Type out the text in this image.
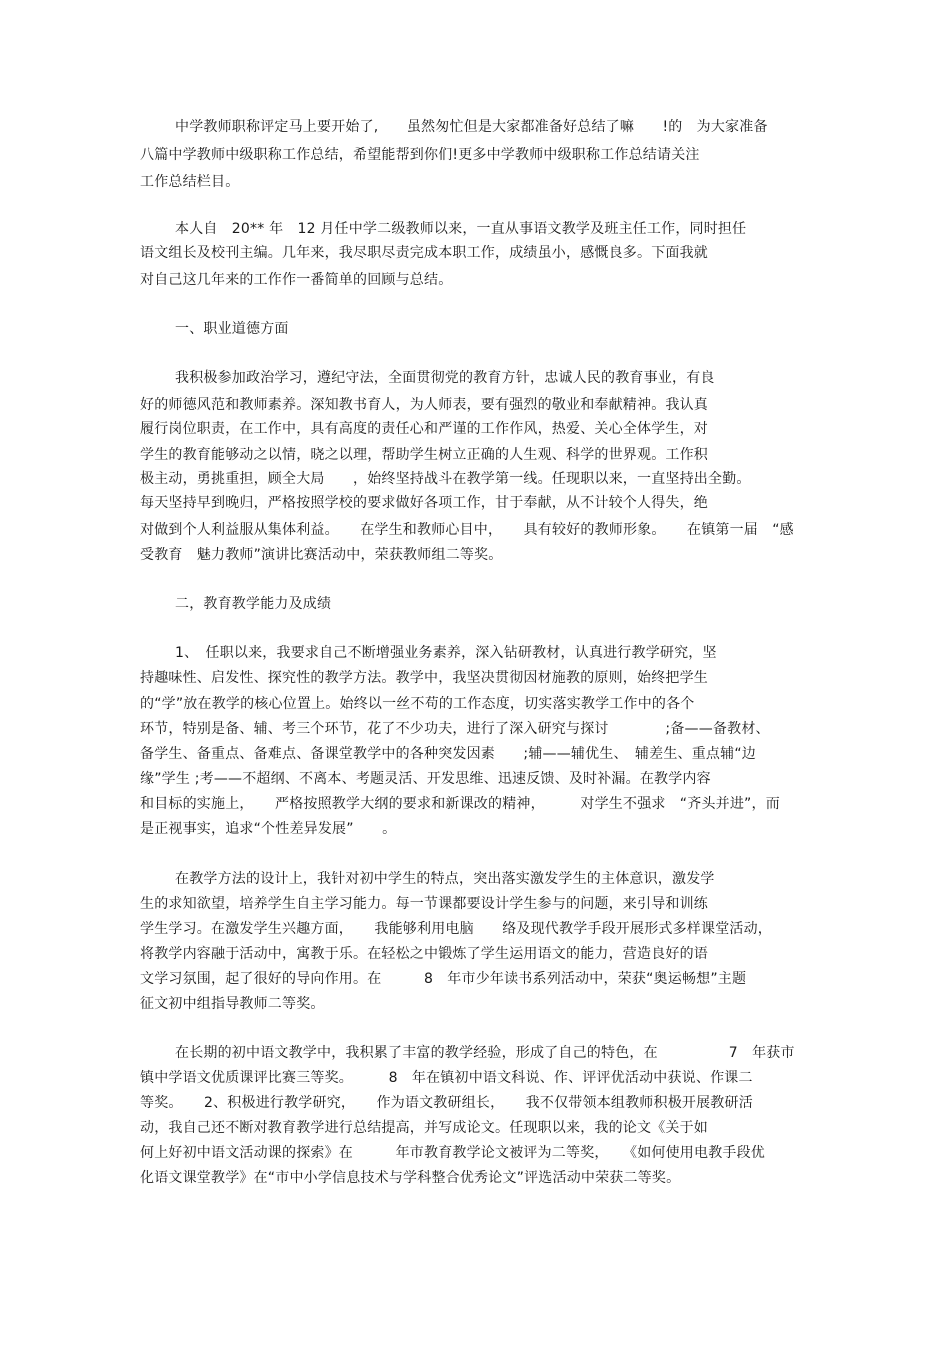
中学教师职称评定马上要开始了,　　虽然匆忙但是大家都准备好总结了嘛　　!的　为大家准备
八篇中学教师中级职称工作总结，希望能帮到你们!更多中学教师中级职称工作总结请关注
工作总结栏目。
本人自　20** 年　12 月任中学二级教师以来，一直从事语文教学及班主任工作，同时担任
语文组长及校刊主编。几年来，我尽职尽责完成本职工作，成绩虽小，感慨良多。下面我就
对自己这几年来的工作作一番简单的回顾与总结。
一、职业道德方面
我积极参加政治学习，遵纪守法，全面贯彻党的教育方针，忠诚人民的教育事业，有良
好的师德风范和教师素养。深知教书育人，为人师表，要有强烈的敬业和奉献精神。我认真
履行岗位职责，在工作中，具有高度的责任心和严谨的工作作风，热爱、关心全体学生，对
学生的教育能够动之以情，晓之以理，帮助学生树立正确的人生观、科学的世界观。工作积
极主动，勇挑重担，顾全大局　　，始终坚持战斗在教学第一线。任现职以来，一直坚持出全勤。
每天坚持早到晚归，严格按照学校的要求做好各项工作，甘于奉献，从不计较个人得失，绝
对做到个人利益服从集体利益。　　在学生和教师心目中，　　具有较好的教师形象。　　在镇第一届　“感
受教育　魅力教师”演讲比赛活动中，荣获教师组二等奖。
二，教育教学能力及成绩
1、　任职以来，我要求自己不断增强业务素养，深入钻研教材，认真进行教学研究，坚
持趣味性、启发性、探究性的教学方法。教学中，我坚决贯彻因材施教的原则，始终把学生
的“学”放在教学的核心位置上。始终以一丝不苟的工作态度，切实落实教学工作中的各个
环节，特别是备、辅、考三个环节，花了不少功夫，进行了深入研究与探讨　　　　;备——备教材、
备学生、备重点、备难点、备课堂教学中的各种突发因素　　;辅——辅优生、　辅差生、重点辅“边
缘”学生 ;考——不超纲、不离本、考题灵活、开发思维、迅速反馈、及时补漏。在教学内容
和目标的实施上，　　严格按照教学大纲的要求和新课改的精神，　　　对学生不强求　“齐头并进”，而
是正视事实，追求“个性差异发展”　　。
在教学方法的设计上，我针对初中学生的特点，突出落实激发学生的主体意识，激发学
生的求知欲望，培养学生自主学习能力。每一节课都要设计学生参与的问题，来引导和训练
学生学习。在激发学生兴趣方面，　　我能够利用电脑　　络及现代教学手段开展形式多样课堂活动，
将教学内容融于活动中，寓教于乐。在轻松之中锻炼了学生运用语文的能力，营造良好的语
文学习氛围，起了很好的导向作用。在　　　8　年市少年读书系列活动中，荣获“奥运畅想”主题
征文初中组指导教师二等奖。
在长期的初中语文教学中，我积累了丰富的教学经验，形成了自己的特色，在　　　　　7　年获市
镇中学语文优质课评比赛三等奖。　　　8　年在镇初中语文科说、作、评评优活动中获说、作课二
等奖。　　2、积极进行教学研究，　　作为语文教研组长，　　我不仅带领本组教师积极开展教研活
动，我自己还不断对教育教学进行总结提高，并写成论文。任现职以来，我的论文《关于如
何上好初中语文活动课的探索》在　　　年市教育教学论文被评为二等奖，　　《如何使用电教手段优
化语文课堂教学》在“市中小学信息技术与学科整合优秀论文”评选活动中荣获二等奖。
